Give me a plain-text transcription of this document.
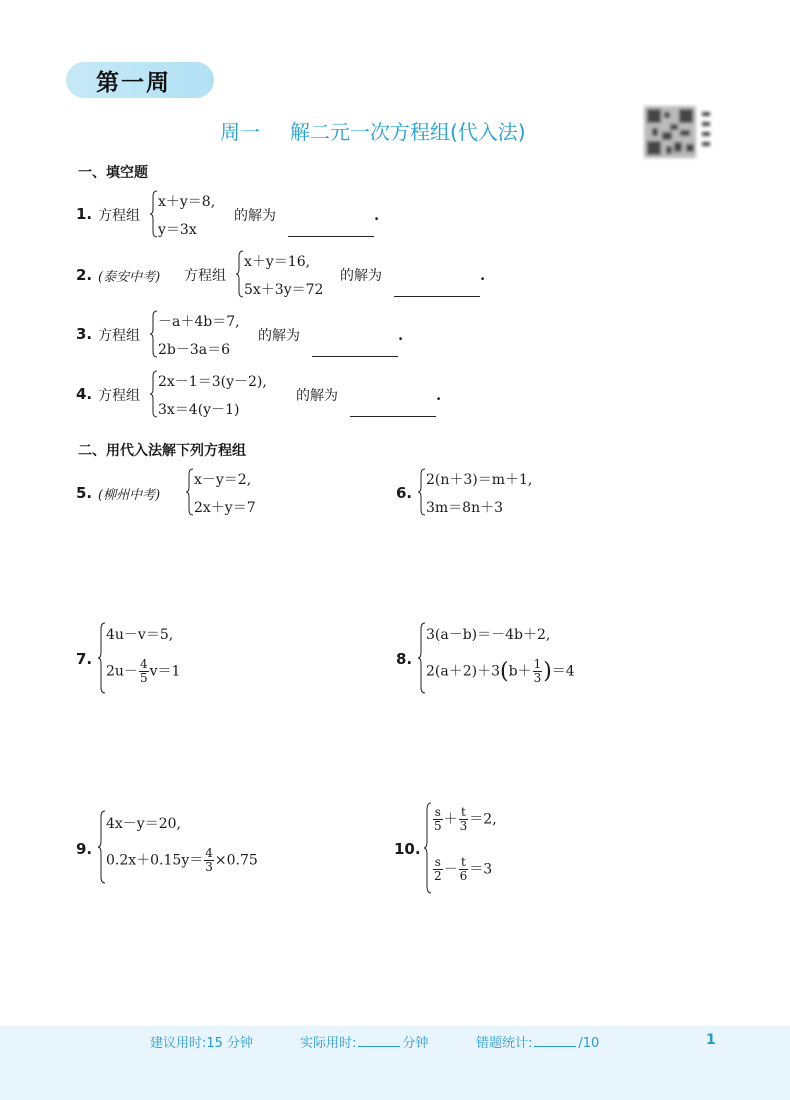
第一周
周一 解二元一次方程组(代入法)
一、填空题
1. 方程组
x＋y＝8,
y＝3x
的解为	.
2. (泰安中考) 方程组
x＋y＝16,
5x＋3y＝72
的解为	.
3. 方程组
－a＋4b＝7,
2b－3a＝6
的解为	.
4. 方程组
2x－1＝3(y－2),
3x＝4(y－1)
的解为	.
二、用代入法解下列方程组
5. (柳州中考)
x－y＝2,
2x＋y＝7
6.
2(n＋3)＝m＋1,
3m＝8n＋3
7.
4u－v＝5,
$2u- \frac{4}{5} v=1$
8.
3(a－b)＝－4b＋2,
$2(a+2)+3(b+ \frac{1}{3} )=4$
9.
4x－y＝20,
$0.2x+0.15y= \frac{4}{3} \times 0.75$
10.
$\frac{s}{5} + \frac{t}{3} =2$,
$\frac{s}{2} - \frac{t}{6} =3$
建议用时:15 分钟	实际用时:	分钟	错题统计:	/10	1
